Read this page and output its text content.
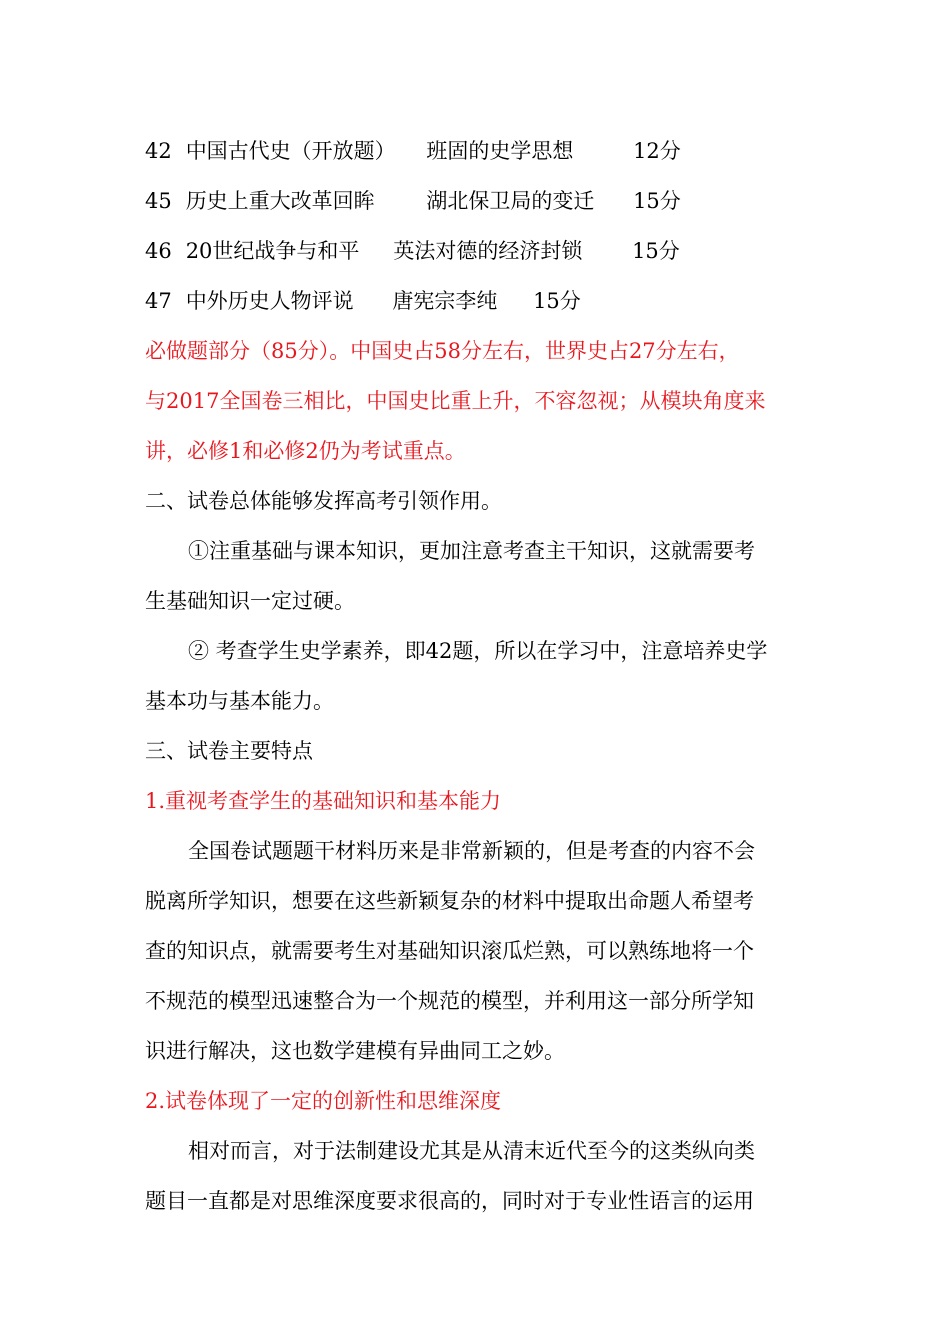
42 中国古代史（开放题） 班固的史学思想	12分
45 历史上重大改革回眸 湖北保卫局的变迁 15分
46 20世纪战争与和平 英法对德的经济封锁 15分
47 中外历史人物评说 唐宪宗李纯 15分
必做题部分（85分）。中国史占58分左右，世界史占27分左右，
与2017全国卷三相比，中国史比重上升，不容忽视；从模块角度来
讲，必修1和必修2仍为考试重点。
二、试卷总体能够发挥高考引领作用。
①注重基础与课本知识，更加注意考查主干知识，这就需要考
生基础知识一定过硬。
② 考查学生史学素养，即42题，所以在学习中，注意培养史学
基本功与基本能力。
三、试卷主要特点
1.重视考查学生的基础知识和基本能力
全国卷试题题干材料历来是非常新颖的，但是考查的内容不会
脱离所学知识，想要在这些新颖复杂的材料中提取出命题人希望考
查的知识点，就需要考生对基础知识滚瓜烂熟，可以熟练地将一个
不规范的模型迅速整合为一个规范的模型，并利用这一部分所学知
识进行解决，这也数学建模有异曲同工之妙。
2.试卷体现了一定的创新性和思维深度
相对而言，对于法制建设尤其是从清末近代至今的这类纵向类
题目一直都是对思维深度要求很高的，同时对于专业性语言的运用
